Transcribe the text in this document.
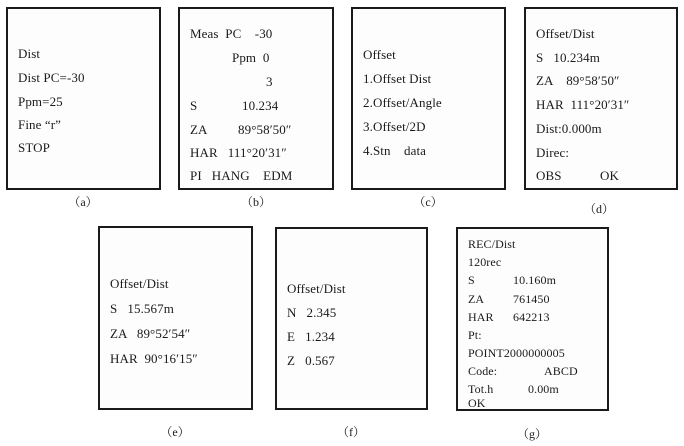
Dist
Dist PC=-30
Ppm=25
Fine “r”
STOP
（a）
Meas  PC    -30
Ppm  0
3
S	10.234
ZA 89°58′50″
HAR   111°20′31″
PI   HANG    EDM
（b）
Offset
1.Offset Dist
2.Offset/Angle
3.Offset/2D
4.Stn    data
（c）
Offset/Dist
S   10.234m
ZA    89°58′50″
HAR  111°20′31″
Dist:0.000m
Direc:
OBS	OK
（d）
Offset/Dist
S   15.567m
ZA   89°52′54″
HAR  90°16′15″
（e）
Offset/Dist
N   2.345
E   1.234
Z   0.567
（f）
REC/Dist
120rec
S	10.160m
ZA 761450
HAR 642213
Pt:
POINT2000000005
Code:	ABCD
Tot.h	0.00m
OK
（g）
